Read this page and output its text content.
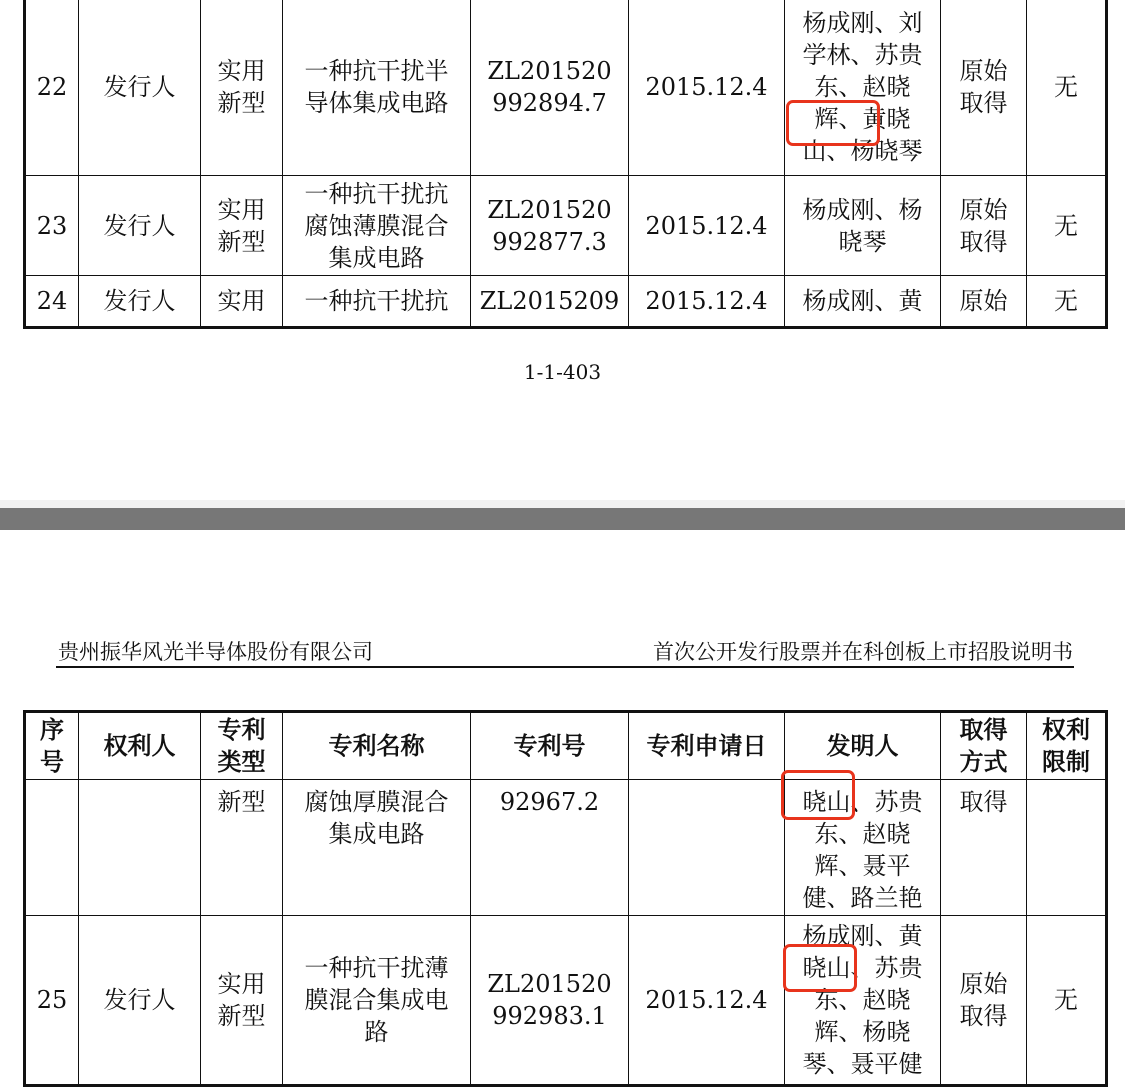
22	发行人	实用新型	一种抗干扰半导体集成电路	ZL201520992894.7	2015.12.4	杨成刚、刘学林、苏贵东、赵晓辉、黄晓山、杨晓琴	原始取得	无
23	发行人	实用新型	一种抗干扰抗腐蚀薄膜混合集成电路	ZL201520992877.3	2015.12.4	杨成刚、杨晓琴	原始取得	无
24	发行人	实用	一种抗干扰抗	ZL2015209	2015.12.4	杨成刚、黄	原始	无
1-1-403
贵州振华风光半导体股份有限公司	首次公开发行股票并在科创板上市招股说明书
序号	权利人	专利类型	专利名称	专利号	专利申请日	发明人	取得方式	权利限制

		新型	腐蚀厚膜混合集成电路	92967.2		晓山、苏贵东、赵晓辉、聂平健、路兰艳	取得	
25	发行人	实用新型	一种抗干扰薄膜混合集成电路	ZL201520992983.1	2015.12.4	杨成刚、黄晓山、苏贵东、赵晓辉、杨晓琴、聂平健	原始取得	无
